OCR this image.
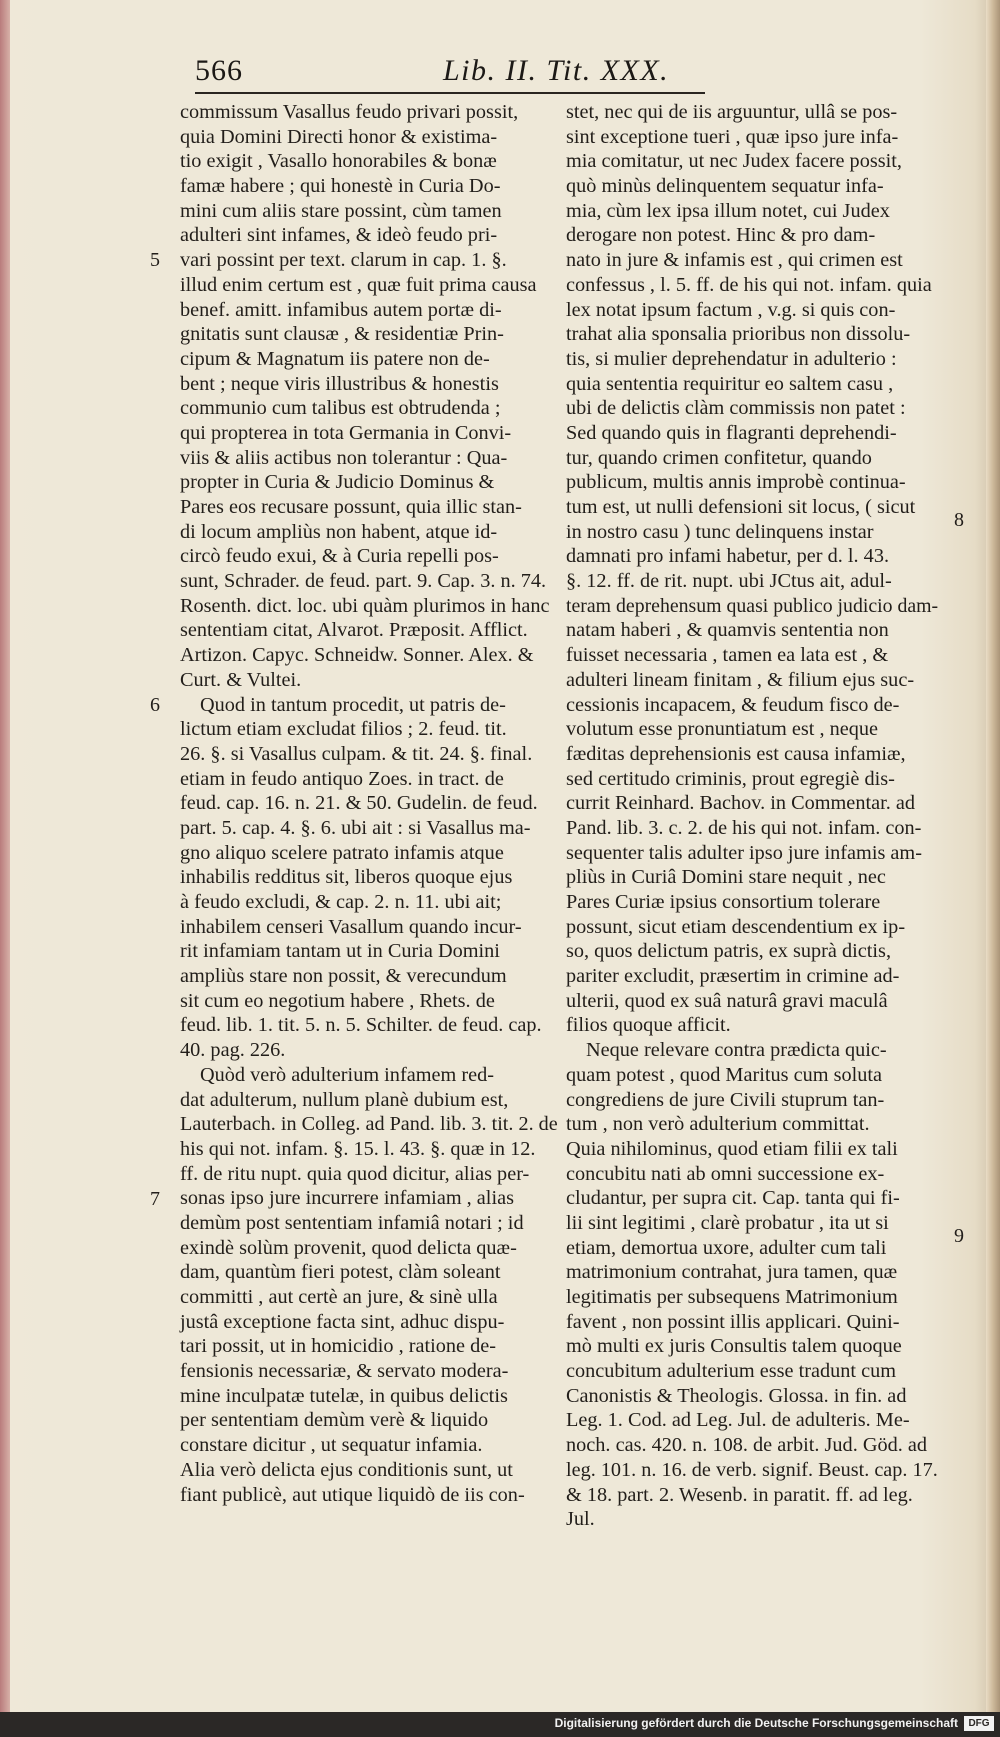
566	Lib. II. Tit. XXX.
commissum Vasallus feudo privari possit,
quia Domini Directi honor & existima-
tio exigit , Vasallo honorabiles & bonæ
famæ habere ; qui honestè in Curia Do-
mini cum aliis stare possint, cùm tamen
adulteri sint infames, & ideò feudo pri-
vari possint per text. clarum in cap. 1. §.
illud enim certum est , quæ fuit prima causa
benef. amitt. infamibus autem portæ di-
gnitatis sunt clausæ , & residentiæ Prin-
cipum & Magnatum iis patere non de-
bent ; neque viris illustribus & honestis
communio cum talibus est obtrudenda ;
qui propterea in tota Germania in Convi-
viis & aliis actibus non tolerantur : Qua-
propter in Curia & Judicio Dominus &
Pares eos recusare possunt, quia illic stan-
di locum ampliùs non habent, atque id-
circò feudo exui, & à Curia repelli pos-
sunt, Schrader. de feud. part. 9. Cap. 3. n. 74.
Rosenth. dict. loc. ubi quàm plurimos in hanc
sententiam citat, Alvarot. Præposit. Afflict.
Artizon. Capyc. Schneidw. Sonner. Alex. &
Curt. & Vultei.
Quod in tantum procedit, ut patris de-
lictum etiam excludat filios ; 2. feud. tit.
26. §. si Vasallus culpam. & tit. 24. §. final.
etiam in feudo antiquo Zoes. in tract. de
feud. cap. 16. n. 21. & 50. Gudelin. de feud.
part. 5. cap. 4. §. 6. ubi ait : si Vasallus ma-
gno aliquo scelere patrato infamis atque
inhabilis redditus sit, liberos quoque ejus
à feudo excludi, & cap. 2. n. 11. ubi ait;
inhabilem censeri Vasallum quando incur-
rit infamiam tantam ut in Curia Domini
ampliùs stare non possit, & verecundum
sit cum eo negotium habere , Rhets. de
feud. lib. 1. tit. 5. n. 5. Schilter. de feud. cap.
40. pag. 226.
Quòd verò adulterium infamem red-
dat adulterum, nullum planè dubium est,
Lauterbach. in Colleg. ad Pand. lib. 3. tit. 2. de
his qui not. infam. §. 15. l. 43. §. quæ in 12.
ff. de ritu nupt. quia quod dicitur, alias per-
sonas ipso jure incurrere infamiam , alias
demùm post sententiam infamiâ notari ; id
exindè solùm provenit, quod delicta quæ-
dam, quantùm fieri potest, clàm soleant
committi , aut certè an jure, & sinè ulla
justâ exceptione facta sint, adhuc dispu-
tari possit, ut in homicidio , ratione de-
fensionis necessariæ, & servato modera-
mine inculpatæ tutelæ, in quibus delictis
per sententiam demùm verè & liquido
constare dicitur , ut sequatur infamia.
Alia verò delicta ejus conditionis sunt, ut
fiant publicè, aut utique liquidò de iis con-
stet, nec qui de iis arguuntur, ullâ se pos-
sint exceptione tueri , quæ ipso jure infa-
mia comitatur, ut nec Judex facere possit,
quò minùs delinquentem sequatur infa-
mia, cùm lex ipsa illum notet, cui Judex
derogare non potest. Hinc & pro dam-
nato in jure & infamis est , qui crimen est
confessus , l. 5. ff. de his qui not. infam. quia
lex notat ipsum factum , v.g. si quis con-
trahat alia sponsalia prioribus non dissolu-
tis, si mulier deprehendatur in adulterio :
quia sententia requiritur eo saltem casu ,
ubi de delictis clàm commissis non patet :
Sed quando quis in flagranti deprehendi-
tur, quando crimen confitetur, quando
publicum, multis annis improbè continua-
tum est, ut nulli defensioni sit locus, ( sicut
in nostro casu ) tunc delinquens instar
damnati pro infami habetur, per d. l. 43.
§. 12. ff. de rit. nupt. ubi JCtus ait, adul-
teram deprehensum quasi publico judicio dam-
natam haberi , & quamvis sententia non
fuisset necessaria , tamen ea lata est , &
adulteri lineam finitam , & filium ejus suc-
cessionis incapacem, & feudum fisco de-
volutum esse pronuntiatum est , neque
fæditas deprehensionis est causa infamiæ,
sed certitudo criminis, prout egregiè dis-
currit Reinhard. Bachov. in Commentar. ad
Pand. lib. 3. c. 2. de his qui not. infam. con-
sequenter talis adulter ipso jure infamis am-
pliùs in Curiâ Domini stare nequit , nec
Pares Curiæ ipsius consortium tolerare
possunt, sicut etiam descendentium ex ip-
so, quos delictum patris, ex suprà dictis,
pariter excludit, præsertim in crimine ad-
ulterii, quod ex suâ naturâ gravi maculâ
filios quoque afficit.
Neque relevare contra prædicta quic-
quam potest , quod Maritus cum soluta
congrediens de jure Civili stuprum tan-
tum , non verò adulterium committat.
Quia nihilominus, quod etiam filii ex tali
concubitu nati ab omni successione ex-
cludantur, per supra cit. Cap. tanta qui fi-
lii sint legitimi , clarè probatur , ita ut si
etiam, demortua uxore, adulter cum tali
matrimonium contrahat, jura tamen, quæ
legitimatis per subsequens Matrimonium
favent , non possint illis applicari. Quini-
mò multi ex juris Consultis talem quoque
concubitum adulterium esse tradunt cum
Canonistis & Theologis. Glossa. in fin. ad
Leg. 1. Cod. ad Leg. Jul. de adulteris. Me-
noch. cas. 420. n. 108. de arbit. Jud. Göd. ad
leg. 101. n. 16. de verb. signif. Beust. cap. 17.
& 18. part. 2. Wesenb. in paratit. ff. ad leg.
Jul.
5
6
7
8
9
Digitalisierung gefördert durch die Deutsche Forschungsgemeinschaft	DFG
